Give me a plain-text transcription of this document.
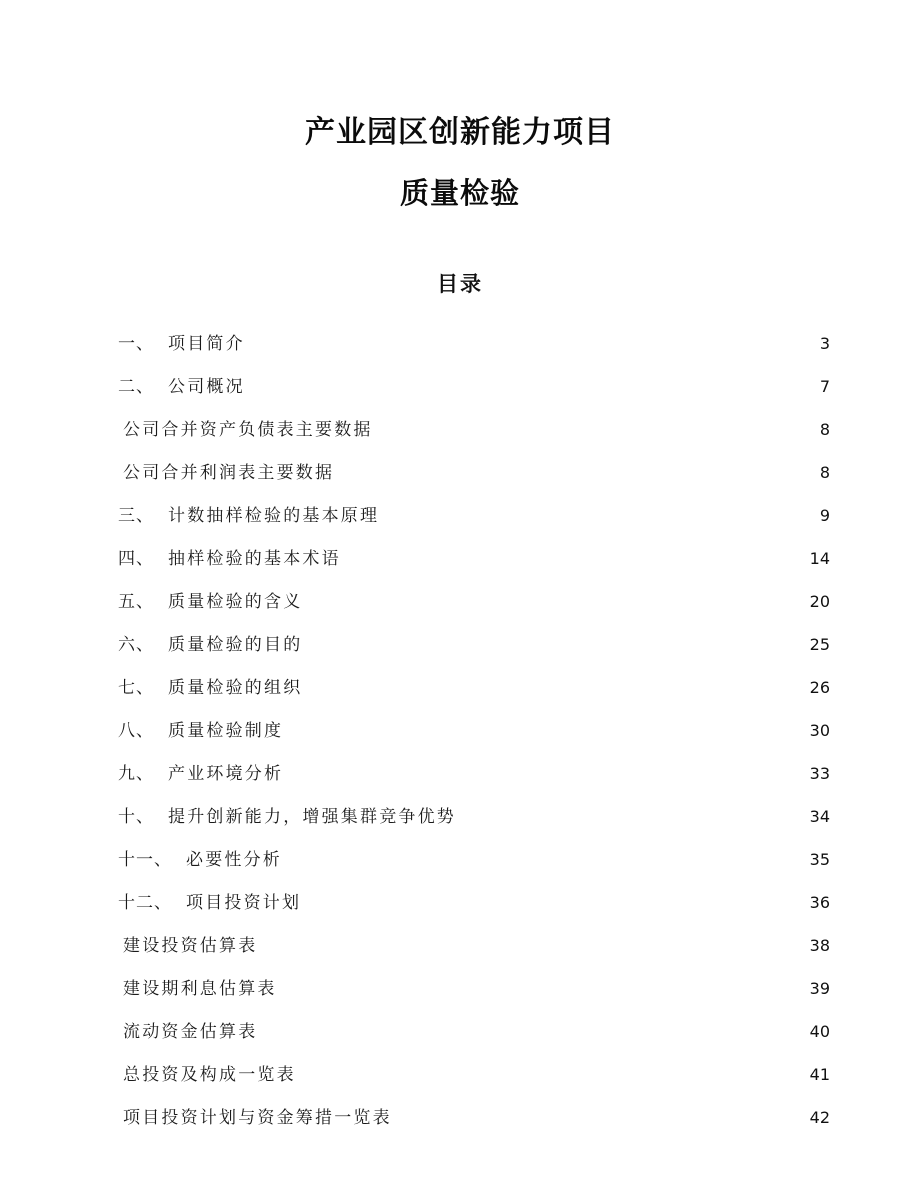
产业园区创新能力项目
质量检验
目录
一、 项目简介 .....	3
二、 公司概况 .....	7
公司合并资产负债表主要数据 .....	8
公司合并利润表主要数据 .....	8
三、 计数抽样检验的基本原理 .....	9
四、 抽样检验的基本术语 .....	14
五、 质量检验的含义 .....	20
六、 质量检验的目的 .....	25
七、 质量检验的组织 .....	26
八、 质量检验制度 .....	30
九、 产业环境分析 .....	33
十、 提升创新能力，增强集群竞争优势 .....	34
十一、 必要性分析 .....	35
十二、 项目投资计划 .....	36
建设投资估算表 .....	38
建设期利息估算表 .....	39
流动资金估算表 .....	40
总投资及构成一览表 .....	41
项目投资计划与资金筹措一览表 .....	42
